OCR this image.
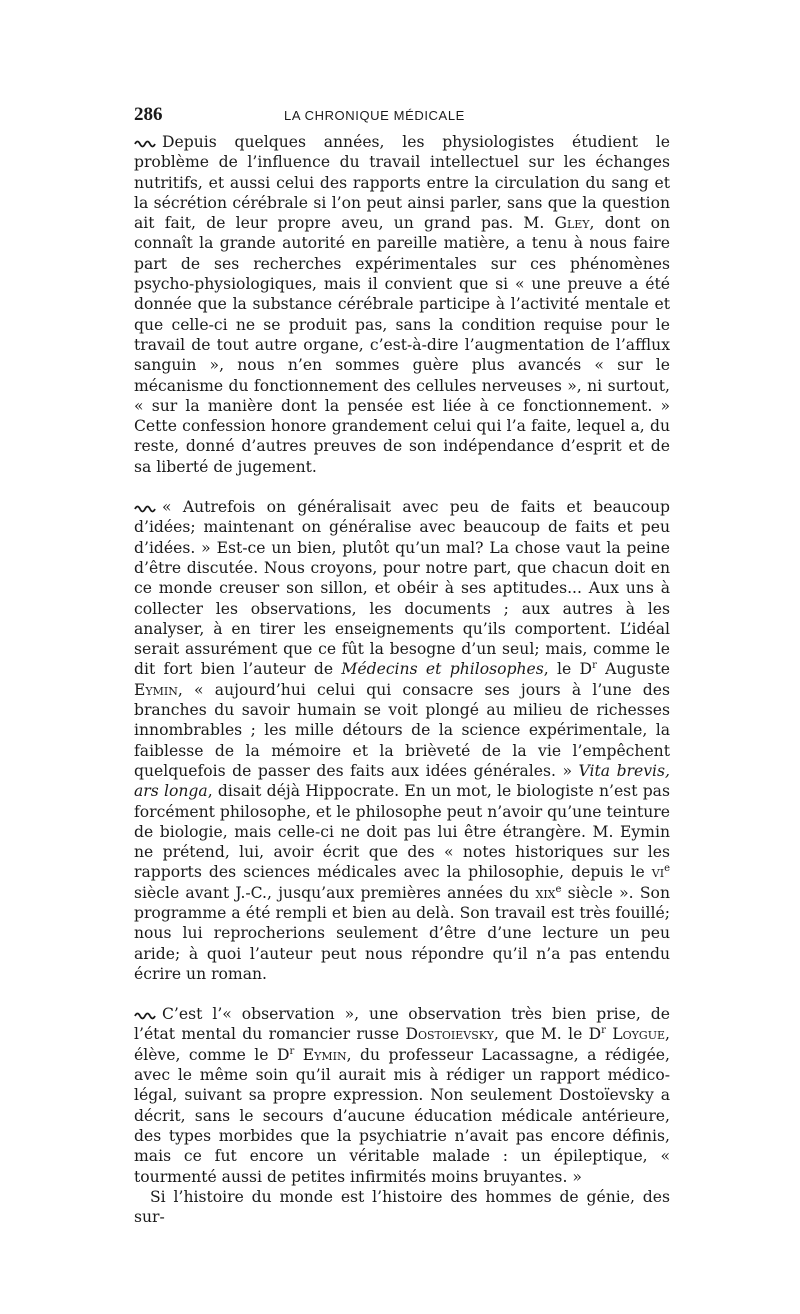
286	LA CHRONIQUE MÉDICALE

Depuis quelques années, les physiologistes étudient le problème de l’influence du travail intellectuel sur les échanges nutritifs, et aussi celui des rapports entre la circulation du sang et la sécrétion cérébrale si l’on peut ainsi parler, sans que la question ait fait, de leur propre aveu, un grand pas. M. Gley, dont on connaît la grande autorité en pareille matière, a tenu à nous faire part de ses recherches expérimentales sur ces phénomènes psycho-physiologiques, mais il convient que si « une preuve a été donnée que la substance cérébrale participe à l’activité mentale et que celle-ci ne se produit pas, sans la condition requise pour le travail de tout autre organe, c’est-à-dire l’augmentation de l’afflux sanguin », nous n’en sommes guère plus avancés « sur le mécanisme du fonctionnement des cellules nerveuses », ni surtout, « sur la manière dont la pensée est liée à ce fonctionnement. » Cette confession honore grandement celui qui l’a faite, lequel a, du reste, donné d’autres preuves de son indépendance d’esprit et de sa liberté de jugement.

« Autrefois on généralisait avec peu de faits et beaucoup d’idées; maintenant on généralise avec beaucoup de faits et peu d’idées. » Est-ce un bien, plutôt qu’un mal? La chose vaut la peine d’être discutée. Nous croyons, pour notre part, que chacun doit en ce monde creuser son sillon, et obéir à ses aptitudes... Aux uns à collecter les observations, les documents ; aux autres à les analyser, à en tirer les enseignements qu’ils comportent. L’idéal serait assurément que ce fût la besogne d’un seul; mais, comme le dit fort bien l’auteur de Médecins et philosophes, le $D^r$ Auguste Eymin, « aujourd’hui celui qui consacre ses jours à l’une des branches du savoir humain se voit plongé au milieu de richesses innombrables ; les mille détours de la science expérimentale, la faiblesse de la mémoire et la brièveté de la vie l’empêchent quelquefois de passer des faits aux idées générales. » Vita brevis, ars longa, disait déjà Hippocrate. En un mot, le biologiste n’est pas forcément philosophe, et le philosophe peut n’avoir qu’une teinture de biologie, mais celle-ci ne doit pas lui être étrangère. M. Eymin ne prétend, lui, avoir écrit que des « notes historiques sur les rapports des sciences médicales avec la philosophie, depuis le $vi^e$ siècle avant J.-C., jusqu’aux premières années du xix$^e$ siècle ». Son programme a été rempli et bien au delà. Son travail est très fouillé; nous lui reprocherions seulement d’être d’une lecture un peu aride; à quoi l’auteur peut nous répondre qu’il n’a pas entendu écrire un roman.

C’est l’« observation », une observation très bien prise, de l’état mental du romancier russe Dostoievsky, que M. le $D^r$ Loygue, élève, comme le $D^r$ Eymin, du professeur Lacassagne, a rédigée, avec le même soin qu’il aurait mis à rédiger un rapport médico-légal, suivant sa propre expression. Non seulement Dostoïevsky a décrit, sans le secours d’aucune éducation médicale antérieure, des types morbides que la psychiatrie n’avait pas encore définis, mais ce fut encore un véritable malade : un épileptique, « tourmenté aussi de petites infirmités moins bruyantes. »

Si l’histoire du monde est l’histoire des hommes de génie, des sur-
